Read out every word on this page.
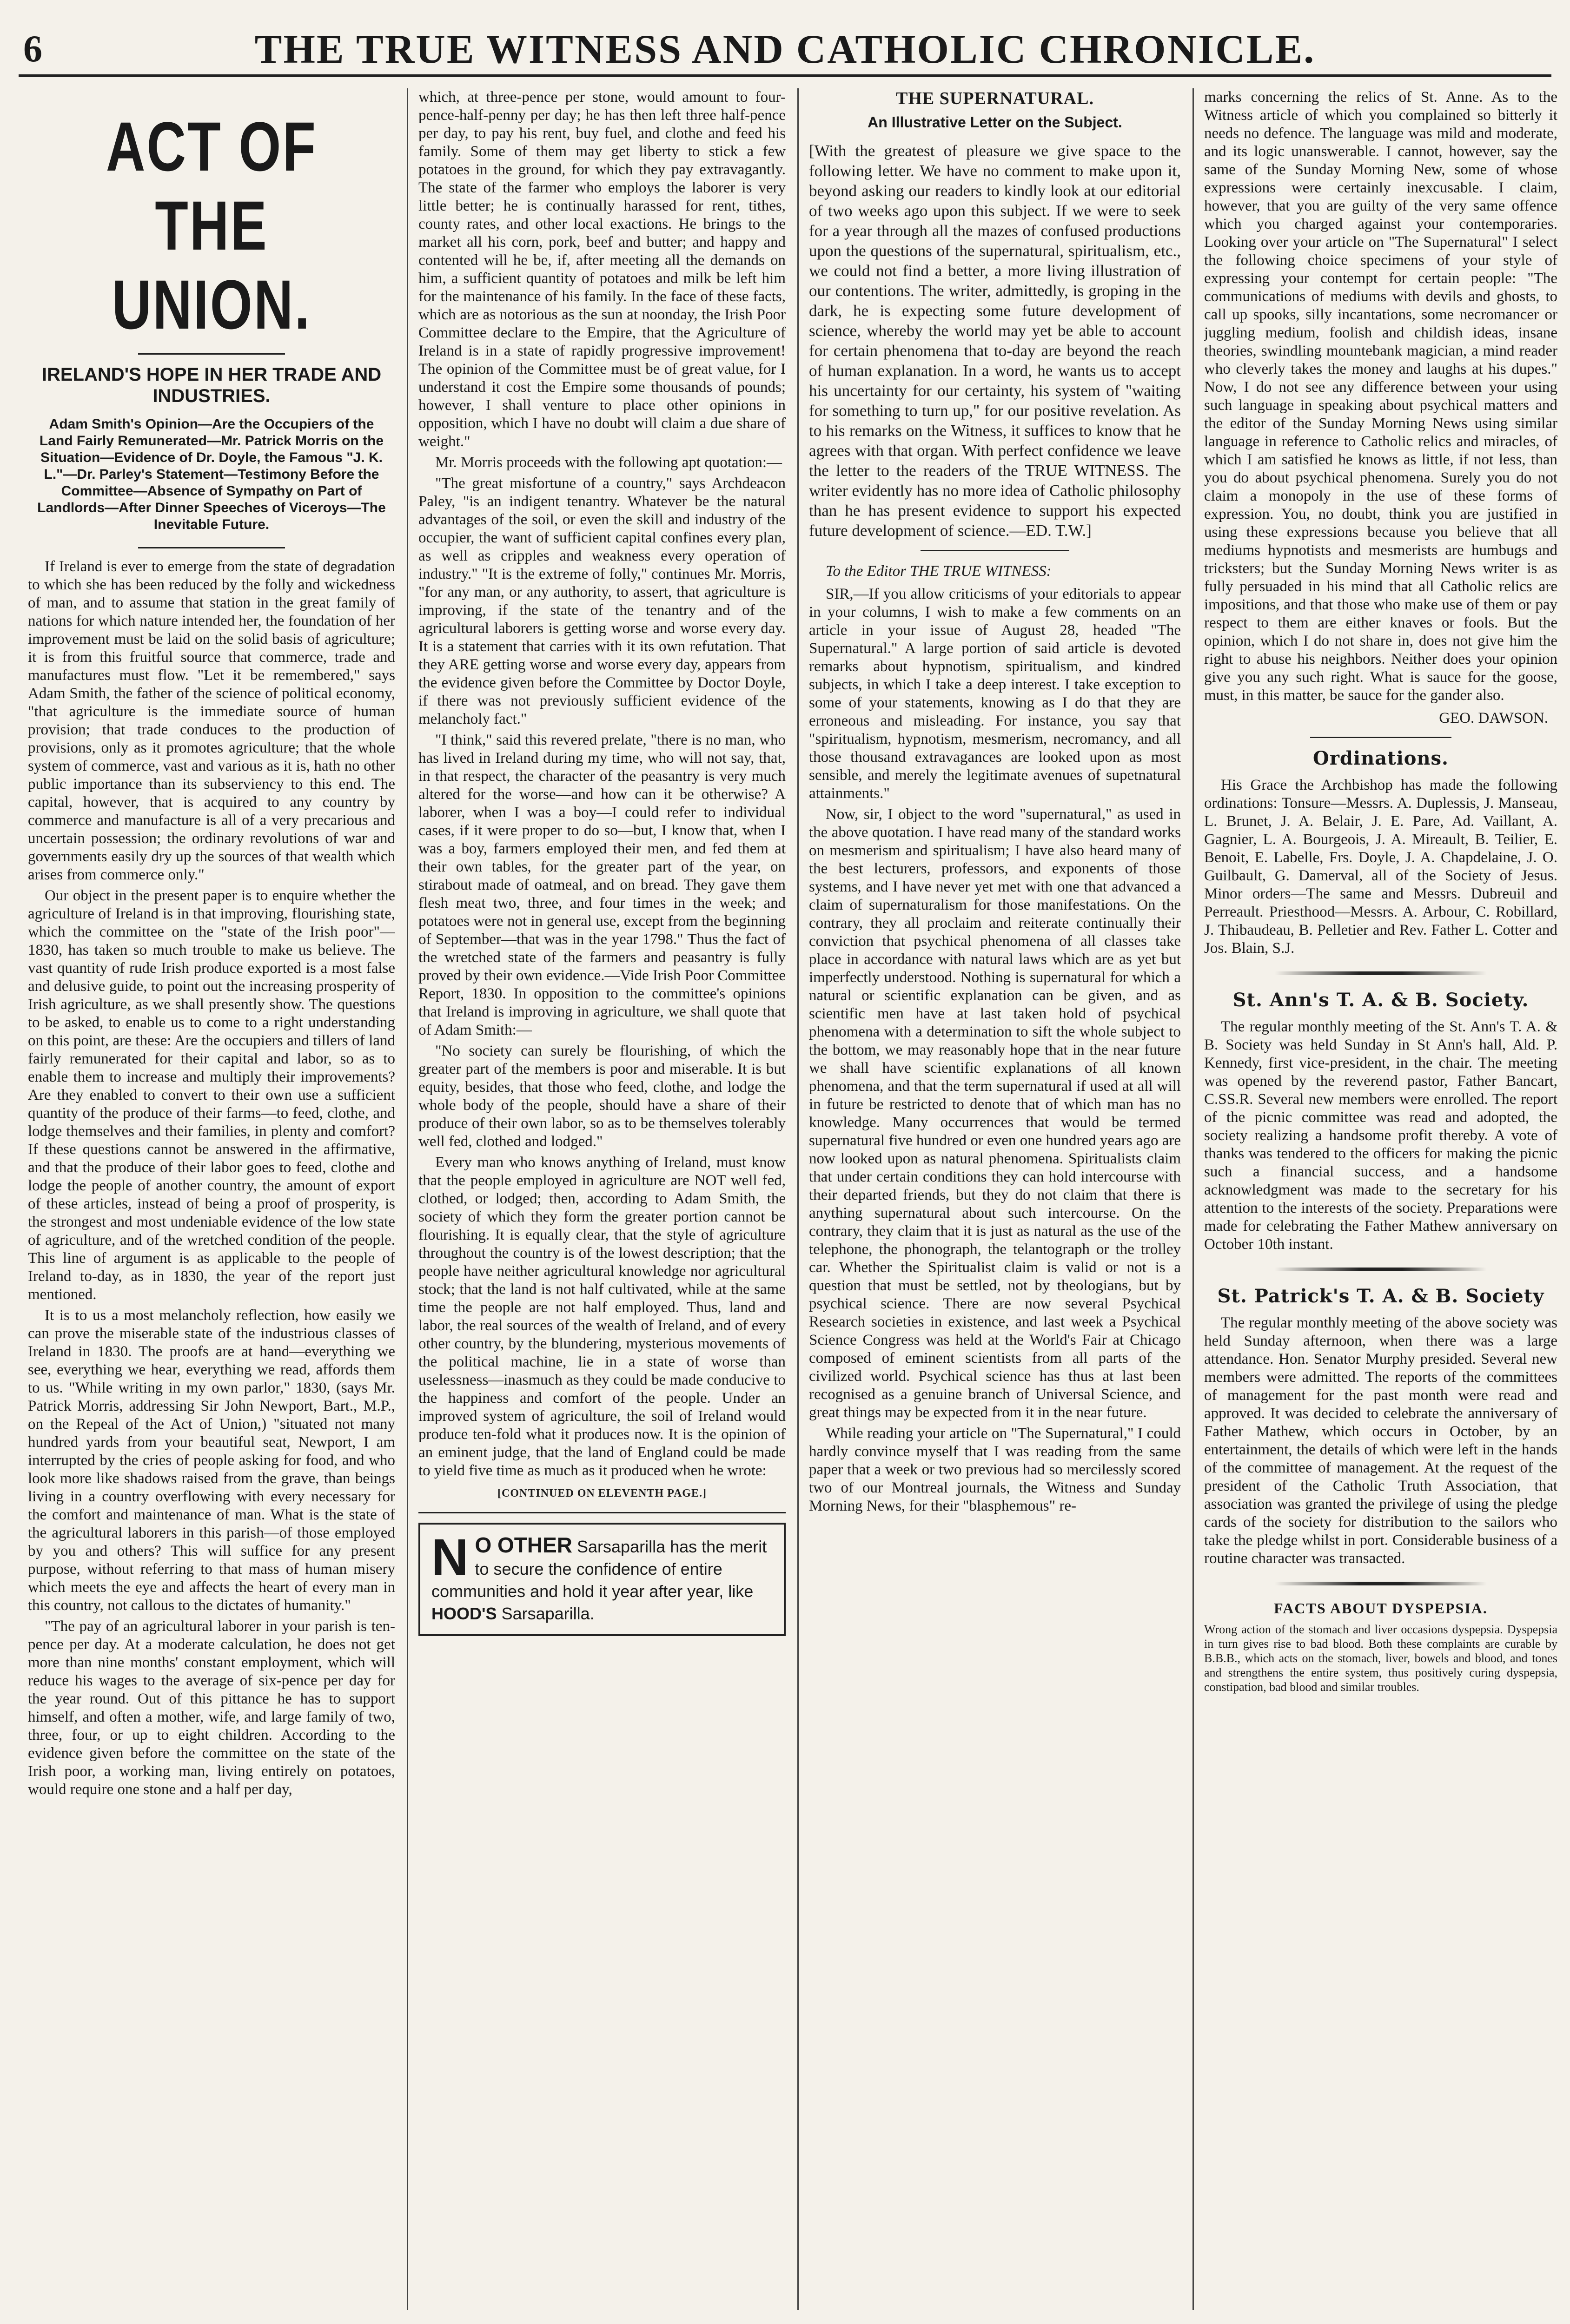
6	THE TRUE WITNESS AND CATHOLIC CHRONICLE.
ACT OF THE UNION.
IRELAND'S HOPE IN HER TRADE AND INDUSTRIES.
Adam Smith's Opinion—Are the Occupiers of the Land Fairly Remunerated—Mr. Patrick Morris on the Situation—Evidence of Dr. Doyle, the Famous "J. K. L."—Dr. Parley's Statement—Testimony Before the Committee—Absence of Sympathy on Part of Landlords—After Dinner Speeches of Viceroys—The Inevitable Future.

If Ireland is ever to emerge from the state of degradation to which she has been reduced by the folly and wickedness of man, and to assume that station in the great family of nations for which nature intended her, the foundation of her improvement must be laid on the solid basis of agriculture; it is from this fruitful source that commerce, trade and manufactures must flow. "Let it be remembered," says Adam Smith, the father of the science of political economy, "that agriculture is the immediate source of human provision; that trade conduces to the production of provisions, only as it promotes agriculture; that the whole system of commerce, vast and various as it is, hath no other public importance than its subserviency to this end. The capital, however, that is acquired to any country by commerce and manufacture is all of a very precarious and uncertain possession; the ordinary revolutions of war and governments easily dry up the sources of that wealth which arises from commerce only."

Our object in the present paper is to enquire whether the agriculture of Ireland is in that improving, flourishing state, which the committee on the "state of the Irish poor"—1830, has taken so much trouble to make us believe. The vast quantity of rude Irish produce exported is a most false and delusive guide, to point out the increasing prosperity of Irish agriculture, as we shall presently show. The questions to be asked, to enable us to come to a right understanding on this point, are these: Are the occupiers and tillers of land fairly remunerated for their capital and labor, so as to enable them to increase and multiply their improvements? Are they enabled to convert to their own use a sufficient quantity of the produce of their farms—to feed, clothe, and lodge themselves and their families, in plenty and comfort? If these questions cannot be answered in the affirmative, and that the produce of their labor goes to feed, clothe and lodge the people of another country, the amount of export of these articles, instead of being a proof of prosperity, is the strongest and most undeniable evidence of the low state of agriculture, and of the wretched condition of the people. This line of argument is as applicable to the people of Ireland to-day, as in 1830, the year of the report just mentioned.

It is to us a most melancholy reflection, how easily we can prove the miserable state of the industrious classes of Ireland in 1830. The proofs are at hand—everything we see, everything we hear, everything we read, affords them to us. "While writing in my own parlor," 1830, (says Mr. Patrick Morris, addressing Sir John Newport, Bart., M.P., on the Repeal of the Act of Union,) "situated not many hundred yards from your beautiful seat, Newport, I am interrupted by the cries of people asking for food, and who look more like shadows raised from the grave, than beings living in a country overflowing with every necessary for the comfort and maintenance of man. What is the state of the agricultural laborers in this parish—of those employed by you and others? This will suffice for any present purpose, without referring to that mass of human misery which meets the eye and affects the heart of every man in this country, not callous to the dictates of humanity."

"The pay of an agricultural laborer in your parish is ten-pence per day. At a moderate calculation, he does not get more than nine months' constant employment, which will reduce his wages to the average of six-pence per day for the year round. Out of this pittance he has to support himself, and often a mother, wife, and large family of two, three, four, or up to eight children. According to the evidence given before the committee on the state of the Irish poor, a working man, living entirely on potatoes, would require one stone and a half per day,

which, at three-pence per stone, would amount to four-pence-half-penny per day; he has then left three half-pence per day, to pay his rent, buy fuel, and clothe and feed his family. Some of them may get liberty to stick a few potatoes in the ground, for which they pay extravagantly. The state of the farmer who employs the laborer is very little better; he is continually harassed for rent, tithes, county rates, and other local exactions. He brings to the market all his corn, pork, beef and butter; and happy and contented will he be, if, after meeting all the demands on him, a sufficient quantity of potatoes and milk be left him for the maintenance of his family. In the face of these facts, which are as notorious as the sun at noonday, the Irish Poor Committee declare to the Empire, that the Agriculture of Ireland is in a state of rapidly progressive improvement! The opinion of the Committee must be of great value, for I understand it cost the Empire some thousands of pounds; however, I shall venture to place other opinions in opposition, which I have no doubt will claim a due share of weight."

Mr. Morris proceeds with the following apt quotation:—

"The great misfortune of a country," says Archdeacon Paley, "is an indigent tenantry. Whatever be the natural advantages of the soil, or even the skill and industry of the occupier, the want of sufficient capital confines every plan, as well as cripples and weakness every operation of industry." "It is the extreme of folly," continues Mr. Morris, "for any man, or any authority, to assert, that agriculture is improving, if the state of the tenantry and of the agricultural laborers is getting worse and worse every day. It is a statement that carries with it its own refutation. That they ARE getting worse and worse every day, appears from the evidence given before the Committee by Doctor Doyle, if there was not previously sufficient evidence of the melancholy fact."

"I think," said this revered prelate, "there is no man, who has lived in Ireland during my time, who will not say, that, in that respect, the character of the peasantry is very much altered for the worse—and how can it be otherwise? A laborer, when I was a boy—I could refer to individual cases, if it were proper to do so—but, I know that, when I was a boy, farmers employed their men, and fed them at their own tables, for the greater part of the year, on stirabout made of oatmeal, and on bread. They gave them flesh meat two, three, and four times in the week; and potatoes were not in general use, except from the beginning of September—that was in the year 1798." Thus the fact of the wretched state of the farmers and peasantry is fully proved by their own evidence.—Vide Irish Poor Committee Report, 1830. In opposition to the committee's opinions that Ireland is improving in agriculture, we shall quote that of Adam Smith:—

"No society can surely be flourishing, of which the greater part of the members is poor and miserable. It is but equity, besides, that those who feed, clothe, and lodge the whole body of the people, should have a share of their produce of their own labor, so as to be themselves tolerably well fed, clothed and lodged."

Every man who knows anything of Ireland, must know that the people employed in agriculture are NOT well fed, clothed, or lodged; then, according to Adam Smith, the society of which they form the greater portion cannot be flourishing. It is equally clear, that the style of agriculture throughout the country is of the lowest description; that the people have neither agricultural knowledge nor agricultural stock; that the land is not half cultivated, while at the same time the people are not half employed. Thus, land and labor, the real sources of the wealth of Ireland, and of every other country, by the blundering, mysterious movements of the political machine, lie in a state of worse than uselessness—inasmuch as they could be made conducive to the happiness and comfort of the people. Under an improved system of agriculture, the soil of Ireland would produce ten-fold what it produces now. It is the opinion of an eminent judge, that the land of England could be made to yield five time as much as it produced when he wrote:

[CONTINUED ON ELEVENTH PAGE.]
N O OTHER Sarsaparilla has the merit to secure the confidence of entire communities and hold it year after year, like HOOD'S Sarsaparilla.
THE SUPERNATURAL.
An Illustrative Letter on the Subject.

[With the greatest of pleasure we give space to the following letter. We have no comment to make upon it, beyond asking our readers to kindly look at our editorial of two weeks ago upon this subject. If we were to seek for a year through all the mazes of confused productions upon the questions of the supernatural, spiritualism, etc., we could not find a better, a more living illustration of our contentions. The writer, admittedly, is groping in the dark, he is expecting some future development of science, whereby the world may yet be able to account for certain phenomena that to-day are beyond the reach of human explanation. In a word, he wants us to accept his uncertainty for our certainty, his system of "waiting for something to turn up," for our positive revelation. As to his remarks on the Witness, it suffices to know that he agrees with that organ. With perfect confidence we leave the letter to the readers of the TRUE WITNESS. The writer evidently has no more idea of Catholic philosophy than he has present evidence to support his expected future development of science.—ED. T.W.]

To the Editor THE TRUE WITNESS:

SIR,—If you allow criticisms of your editorials to appear in your columns, I wish to make a few comments on an article in your issue of August 28, headed "The Supernatural." A large portion of said article is devoted remarks about hypnotism, spiritualism, and kindred subjects, in which I take a deep interest. I take exception to some of your statements, knowing as I do that they are erroneous and misleading. For instance, you say that "spiritualism, hypnotism, mesmerism, necromancy, and all those thousand extravagances are looked upon as most sensible, and merely the legitimate avenues of supetnatural attainments."

Now, sir, I object to the word "supernatural," as used in the above quotation. I have read many of the standard works on mesmerism and spiritualism; I have also heard many of the best lecturers, professors, and exponents of those systems, and I have never yet met with one that advanced a claim of supernaturalism for those manifestations. On the contrary, they all proclaim and reiterate continually their conviction that psychical phenomena of all classes take place in accordance with natural laws which are as yet but imperfectly understood. Nothing is supernatural for which a natural or scientific explanation can be given, and as scientific men have at last taken hold of psychical phenomena with a determination to sift the whole subject to the bottom, we may reasonably hope that in the near future we shall have scientific explanations of all known phenomena, and that the term supernatural if used at all will in future be restricted to denote that of which man has no knowledge. Many occurrences that would be termed supernatural five hundred or even one hundred years ago are now looked upon as natural phenomena. Spiritualists claim that under certain conditions they can hold intercourse with their departed friends, but they do not claim that there is anything supernatural about such intercourse. On the contrary, they claim that it is just as natural as the use of the telephone, the phonograph, the telantograph or the trolley car. Whether the Spiritualist claim is valid or not is a question that must be settled, not by theologians, but by psychical science. There are now several Psychical Research societies in existence, and last week a Psychical Science Congress was held at the World's Fair at Chicago composed of eminent scientists from all parts of the civilized world. Psychical science has thus at last been recognised as a genuine branch of Universal Science, and great things may be expected from it in the near future.

While reading your article on "The Supernatural," I could hardly convince myself that I was reading from the same paper that a week or two previous had so mercilessly scored two of our Montreal journals, the Witness and Sunday Morning News, for their "blasphemous" re-

marks concerning the relics of St. Anne. As to the Witness article of which you complained so bitterly it needs no defence. The language was mild and moderate, and its logic unanswerable. I cannot, however, say the same of the Sunday Morning New, some of whose expressions were certainly inexcusable. I claim, however, that you are guilty of the very same offence which you charged against your contemporaries. Looking over your article on "The Supernatural" I select the following choice specimens of your style of expressing your contempt for certain people: "The communications of mediums with devils and ghosts, to call up spooks, silly incantations, some necromancer or juggling medium, foolish and childish ideas, insane theories, swindling mountebank magician, a mind reader who cleverly takes the money and laughs at his dupes." Now, I do not see any difference between your using such language in speaking about psychical matters and the editor of the Sunday Morning News using similar language in reference to Catholic relics and miracles, of which I am satisfied he knows as little, if not less, than you do about psychical phenomena. Surely you do not claim a monopoly in the use of these forms of expression. You, no doubt, think you are justified in using these expressions because you believe that all mediums hypnotists and mesmerists are humbugs and tricksters; but the Sunday Morning News writer is as fully persuaded in his mind that all Catholic relics are impositions, and that those who make use of them or pay respect to them are either knaves or fools. But the opinion, which I do not share in, does not give him the right to abuse his neighbors. Neither does your opinion give you any such right. What is sauce for the goose, must, in this matter, be sauce for the gander also.

GEO. DAWSON.
Ordinations.

His Grace the Archbishop has made the following ordinations: Tonsure—Messrs. A. Duplessis, J. Manseau, L. Brunet, J. A. Belair, J. E. Pare, Ad. Vaillant, A. Gagnier, L. A. Bourgeois, J. A. Mireault, B. Teilier, E. Benoit, E. Labelle, Frs. Doyle, J. A. Chapdelaine, J. O. Guilbault, G. Damerval, all of the Society of Jesus. Minor orders—The same and Messrs. Dubreuil and Perreault. Priesthood—Messrs. A. Arbour, C. Robillard, J. Thibaudeau, B. Pelletier and Rev. Father L. Cotter and Jos. Blain, S.J.

St. Ann's T. A. & B. Society.

The regular monthly meeting of the St. Ann's T. A. & B. Society was held Sunday in St Ann's hall, Ald. P. Kennedy, first vice-president, in the chair. The meeting was opened by the reverend pastor, Father Bancart, C.SS.R. Several new members were enrolled. The report of the picnic committee was read and adopted, the society realizing a handsome profit thereby. A vote of thanks was tendered to the officers for making the picnic such a financial success, and a handsome acknowledgment was made to the secretary for his attention to the interests of the society. Preparations were made for celebrating the Father Mathew anniversary on October 10th instant.

St. Patrick's T. A. & B. Society

The regular monthly meeting of the above society was held Sunday afternoon, when there was a large attendance. Hon. Senator Murphy presided. Several new members were admitted. The reports of the committees of management for the past month were read and approved. It was decided to celebrate the anniversary of Father Mathew, which occurs in October, by an entertainment, the details of which were left in the hands of the committee of management. At the request of the president of the Catholic Truth Association, that association was granted the privilege of using the pledge cards of the society for distribution to the sailors who take the pledge whilst in port. Considerable business of a routine character was transacted.

FACTS ABOUT DYSPEPSIA.
Wrong action of the stomach and liver occasions dyspepsia. Dyspepsia in turn gives rise to bad blood. Both these complaints are curable by B.B.B., which acts on the stomach, liver, bowels and blood, and tones and strengthens the entire system, thus positively curing dyspepsia, constipation, bad blood and similar troubles.
